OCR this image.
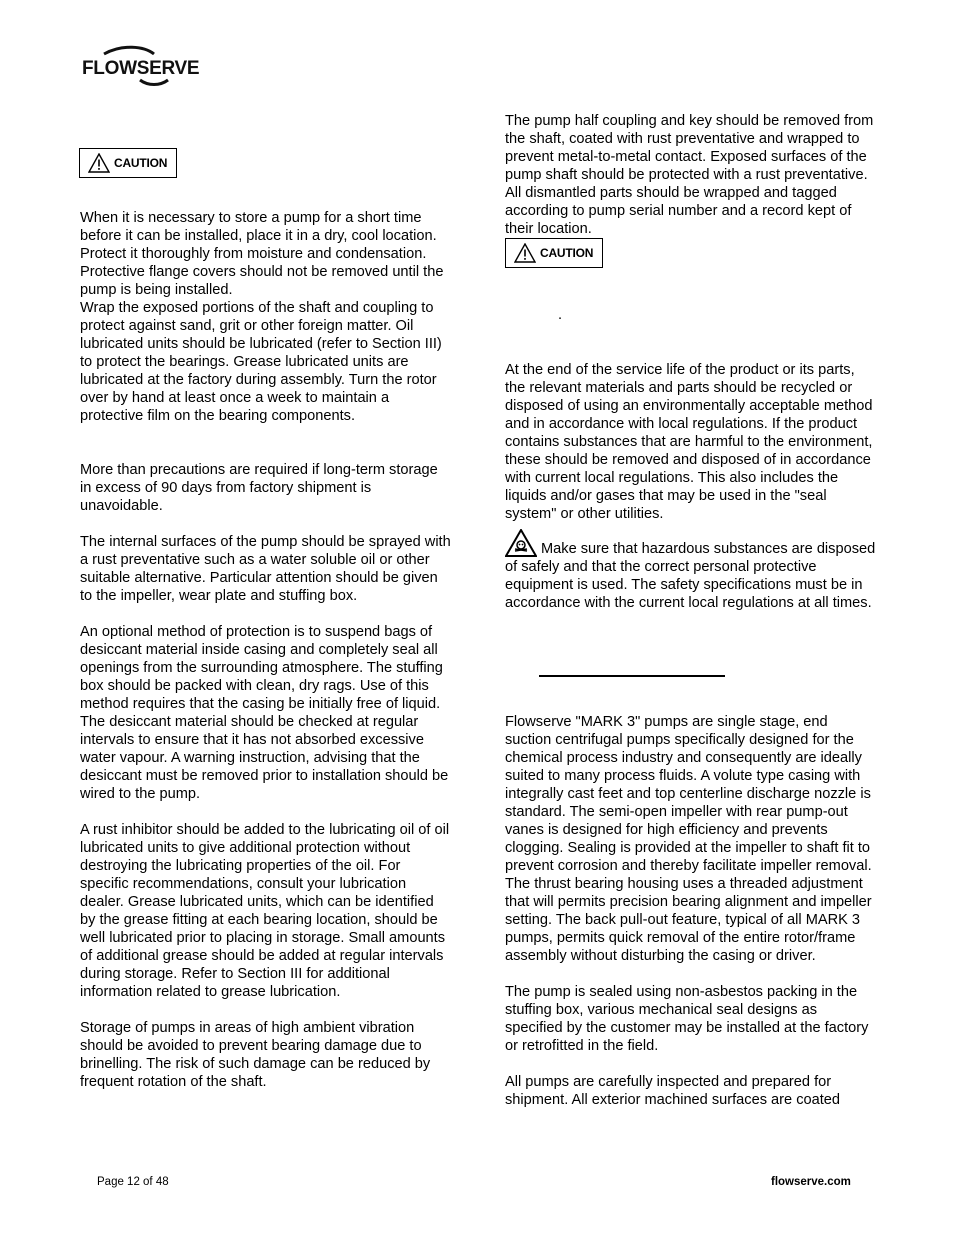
FLOWSERVE
CAUTION

When it is necessary to store a pump for a short time before it can be installed, place it in a dry, cool location. Protect it thoroughly from moisture and condensation. Protective flange covers should not be removed until the pump is being installed.

Wrap the exposed portions of the shaft and coupling to protect against sand, grit or other foreign matter. Oil lubricated units should be lubricated (refer to Section III) to protect the bearings. Grease lubricated units are lubricated at the factory during assembly. Turn the rotor over by hand at least once a week to maintain a protective film on the bearing components.

More than precautions are required if long-term storage in excess of 90 days from factory shipment is unavoidable.

The internal surfaces of the pump should be sprayed with a rust preventative such as a water soluble oil or other suitable alternative. Particular attention should be given to the impeller, wear plate and stuffing box.

An optional method of protection is to suspend bags of desiccant material inside casing and completely seal all openings from the surrounding atmosphere. The stuffing box should be packed with clean, dry rags. Use of this method requires that the casing be initially free of liquid. The desiccant material should be checked at regular intervals to ensure that it has not absorbed excessive water vapour. A warning instruction, advising that the desiccant must be removed prior to installation should be wired to the pump.

A rust inhibitor should be added to the lubricating oil of oil lubricated units to give additional protection without destroying the lubricating properties of the oil. For specific recommendations, consult your lubrication dealer. Grease lubricated units, which can be identified by the grease fitting at each bearing location, should be well lubricated prior to placing in storage. Small amounts of additional grease should be added at regular intervals during storage. Refer to Section III for additional information related to grease lubrication.

Storage of pumps in areas of high ambient vibration should be avoided to prevent bearing damage due to brinelling. The risk of such damage can be reduced by frequent rotation of the shaft.

The pump half coupling and key should be removed from the shaft, coated with rust preventative and wrapped to prevent metal-to-metal contact. Exposed surfaces of the pump shaft should be protected with a rust preventative. All dismantled parts should be wrapped and tagged according to pump serial number and a record kept of their location.

CAUTION
.

At the end of the service life of the product or its parts, the relevant materials and parts should be recycled or disposed of using an environmentally acceptable method and in accordance with local regulations. If the product contains substances that are harmful to the environment, these should be removed and disposed of in accordance with current local regulations. This also includes the liquids and/or gases that may be used in the "seal system" or other utilities.

Make sure that hazardous substances are disposed of safely and that the correct personal protective equipment is used. The safety specifications must be in accordance with the current local regulations at all times.

Flowserve "MARK 3" pumps are single stage, end suction centrifugal pumps specifically designed for the chemical process industry and consequently are ideally suited to many process fluids. A volute type casing with integrally cast feet and top centerline discharge nozzle is standard. The semi-open impeller with rear pump-out vanes is designed for high efficiency and prevents clogging. Sealing is provided at the impeller to shaft fit to prevent corrosion and thereby facilitate impeller removal. The thrust bearing housing uses a threaded adjustment that will permits precision bearing alignment and impeller setting. The back pull-out feature, typical of all MARK 3 pumps, permits quick removal of the entire rotor/frame assembly without disturbing the casing or driver.

The pump is sealed using non-asbestos packing in the stuffing box, various mechanical seal designs as specified by the customer may be installed at the factory or retrofitted in the field.

All pumps are carefully inspected and prepared for shipment. All exterior machined surfaces are coated

Page 12 of 48	flowserve.com
